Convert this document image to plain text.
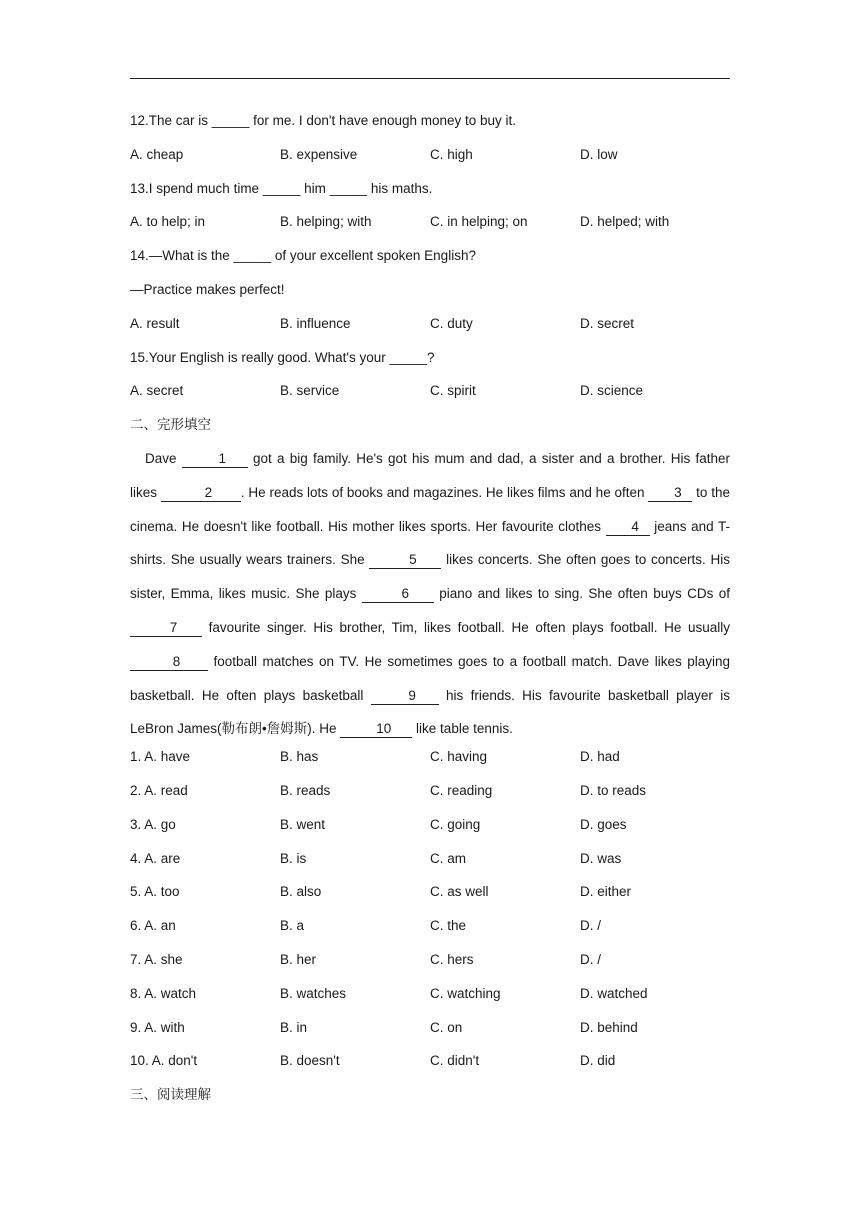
12.The car is _____ for me. I don't have enough money to buy it.
A. cheap	B. expensive	C. high	D. low
13.I spend much time _____ him _____ his maths.
A. to help; in	B. helping; with	C. in helping; on	D. helped; with
14.—What is the _____ of your excellent spoken English?
—Practice makes perfect!
A. result	B. influence	C. duty	D. secret
15.Your English is really good. What's your _____?
A. secret	B. service	C. spirit	D. science
二、完形填空

Dave	1 got a big family. He's got his mum and dad, a sister and a brother. His father likes	2 . He reads lots of books and magazines. He likes films and he often 3 to the cinema. He doesn't like football. His mother likes sports. Her favourite clothes 4 jeans and T-shirts. She usually wears trainers. She	5 likes concerts. She often goes to concerts. His sister, Emma, likes music. She plays	6 piano and likes to sing. She often buys CDs of 7 favourite singer. His brother, Tim, likes football. He often plays football. He usually 8 football matches on TV. He sometimes goes to a football match. Dave likes playing basketball. He often plays basketball	9 his friends. His favourite basketball player is LeBron James(勒布朗•詹姆斯). He	10 like table tennis.

1. A. have	B. has	C. having	D. had
2. A. read	B. reads	C. reading	D. to reads
3. A. go	B. went	C. going	D. goes
4. A. are	B. is	C. am	D. was
5. A. too	B. also	C. as well	D. either
6. A. an	B. a	C. the	D. /
7. A. she	B. her	C. hers	D. /
8. A. watch	B. watches	C. watching	D. watched
9. A. with	B. in	C. on	D. behind
10. A. don't	B. doesn't	C. didn't	D. did
三、阅读理解
